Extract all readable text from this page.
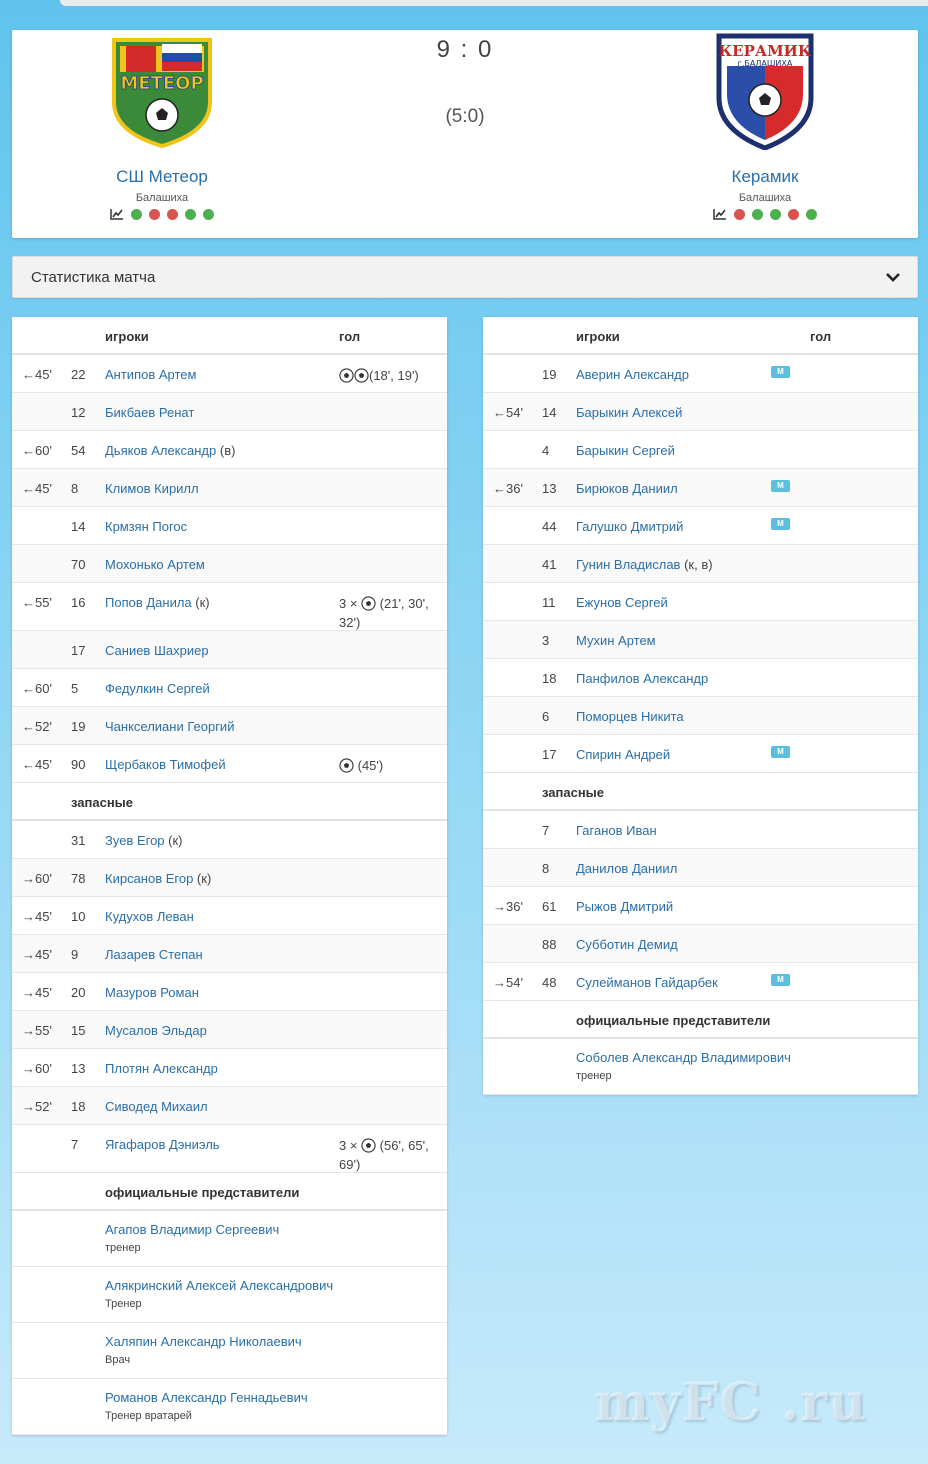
МЕТЕОР
СШ Метеор
Балашиха
9 : 0
(5:0)
КЕРАМИК
г.БАЛАШИХА
Керамик
Балашиха
Статистика матча
игроки	гол
←45' 22 Антипов Артем	(18', 19')
12 Бикбаев Ренат
←60' 54 Дьяков Александр (в)
←45' 8 Климов Кирилл
14 Крмзян Погос
70 Мохонько Артем
←55' 16 Попов Данила (к)	3 ×  (21', 30', 32')
17 Саниев Шахриер
←60' 5 Федулкин Сергей
←52' 19 Чанкселиани Георгий
←45' 90 Щербаков Тимофей	(45')
запасные
31 Зуев Егор (к)
→60' 78 Кирсанов Егор (к)
→45' 10 Кудухов Леван
→45' 9 Лазарев Степан
→45' 20 Мазуров Роман
→55' 15 Мусалов Эльдар
→60' 13 Плотян Александр
→52' 18 Сиводед Михаил
7 Ягафаров Дэниэль	3 ×  (56', 65', 69')
официальные представители
Агапов Владимир Сергеевич
тренер
Алякринский Алексей Александрович
Тренер
Халяпин Александр Николаевич
Врач
Романов Александр Геннадьевич
Тренер вратарей
игроки	гол
19 Аверин Александр	М
←54' 14 Барыкин Алексей
4 Барыкин Сергей
←36' 13 Бирюков Даниил	М
44 Галушко Дмитрий	М
41 Гунин Владислав (к, в)
11 Ежунов Сергей
3 Мухин Артем
18 Панфилов Александр
6 Поморцев Никита
17 Спирин Андрей	М
запасные
7 Гаганов Иван
8 Данилов Даниил
→36' 61 Рыжов Дмитрий
88 Субботин Демид
→54' 48 Сулейманов Гайдарбек	М
официальные представители
Соболев Александр Владимирович
тренер
myFC .ru
